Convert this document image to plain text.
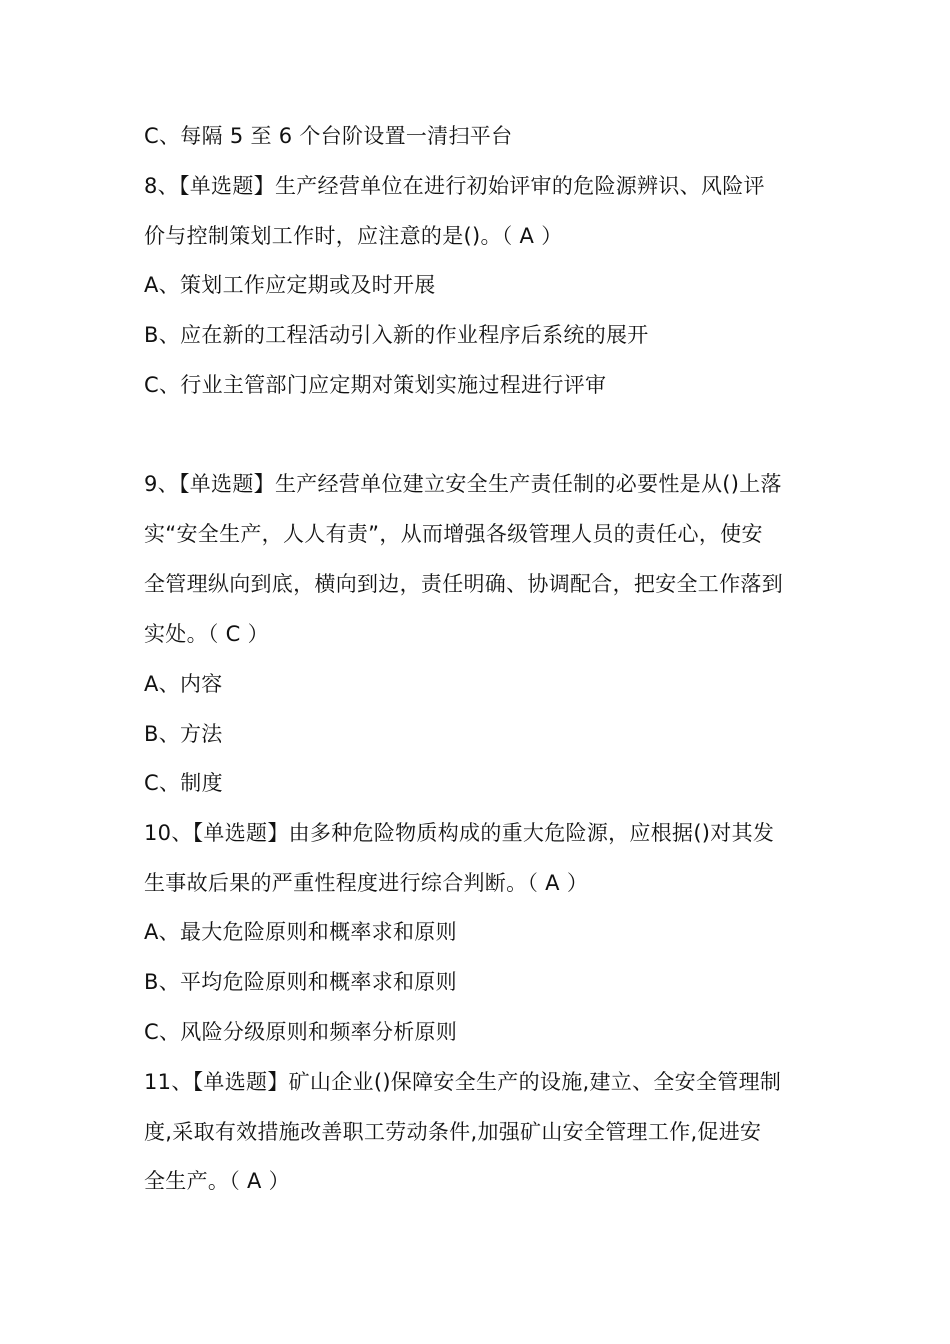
C、每隔 5 至 6 个台阶设置一清扫平台
8、【单选题】生产经营单位在进行初始评审的危险源辨识、风险评
价与控制策划工作时，应注意的是()。（ A ）
A、策划工作应定期或及时开展
B、应在新的工程活动引入新的作业程序后系统的展开
C、行业主管部门应定期对策划实施过程进行评审
9、【单选题】生产经营单位建立安全生产责任制的必要性是从()上落
实“安全生产，人人有责”，从而增强各级管理人员的责任心，使安
全管理纵向到底，横向到边，责任明确、协调配合，把安全工作落到
实处。（ C ）
A、内容
B、方法
C、制度
10、【单选题】由多种危险物质构成的重大危险源，应根据()对其发
生事故后果的严重性程度进行综合判断。（ A ）
A、最大危险原则和概率求和原则
B、平均危险原则和概率求和原则
C、风险分级原则和频率分析原则
11、【单选题】矿山企业()保障安全生产的设施,建立、全安全管理制
度,采取有效措施改善职工劳动条件,加强矿山安全管理工作,促进安
全生产。（ A ）
